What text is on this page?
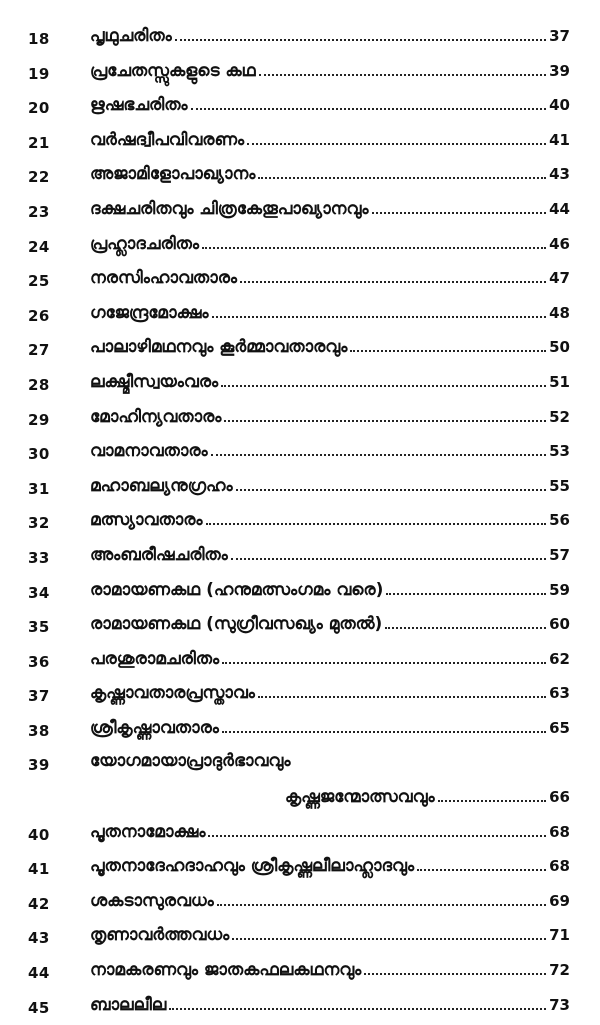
18 പൃഥുചരിതം	37
19 പ്രചേതസ്സുകളുടെ കഥ	39
20 ഋഷഭചരിതം	40
21 വർഷദ്വീപവിവരണം	41
22 അജാമിളോപാഖ്യാനം	43
23 ദക്ഷചരിതവും ചിത്രകേതൂപാഖ്യാനവും	44
24 പ്രഹ്ലാദചരിതം	46
25 നരസിംഹാവതാരം	47
26 ഗജേന്ദ്രമോക്ഷം	48
27 പാലാഴിമഥനവും കൂർമ്മാവതാരവും	50
28 ലക്ഷ്മീസ്വയംവരം	51
29 മോഹിന്യവതാരം	52
30 വാമനാവതാരം	53
31 മഹാബല്യനുഗ്രഹം	55
32 മത്സ്യാവതാരം	56
33 അംബരീഷചരിതം	57
34 രാമായണകഥ (ഹനുമത്സംഗമം വരെ)	59
35 രാമായണകഥ (സുഗ്രീവസഖ്യം മുതൽ)	60
36 പരശുരാമചരിതം	62
37 കൃഷ്ണാവതാരപ്രസ്താവം	63
38 ശ്രീകൃഷ്ണാവതാരം	65
39 യോഗമായാപ്രാദുർഭാവവും
കൃഷ്ണജന്മോത്സവവും	66
40 പൂതനാമോക്ഷം	68
41 പൂതനാദേഹദാഹവും ശ്രീകൃഷ്ണലീലാഹ്ലാദവും	68
42 ശകടാസുരവധം	69
43 തൃണാവർത്തവധം	71
44 നാമകരണവും ജാതകഫലകഥനവും	72
45 ബാലലീല	73
